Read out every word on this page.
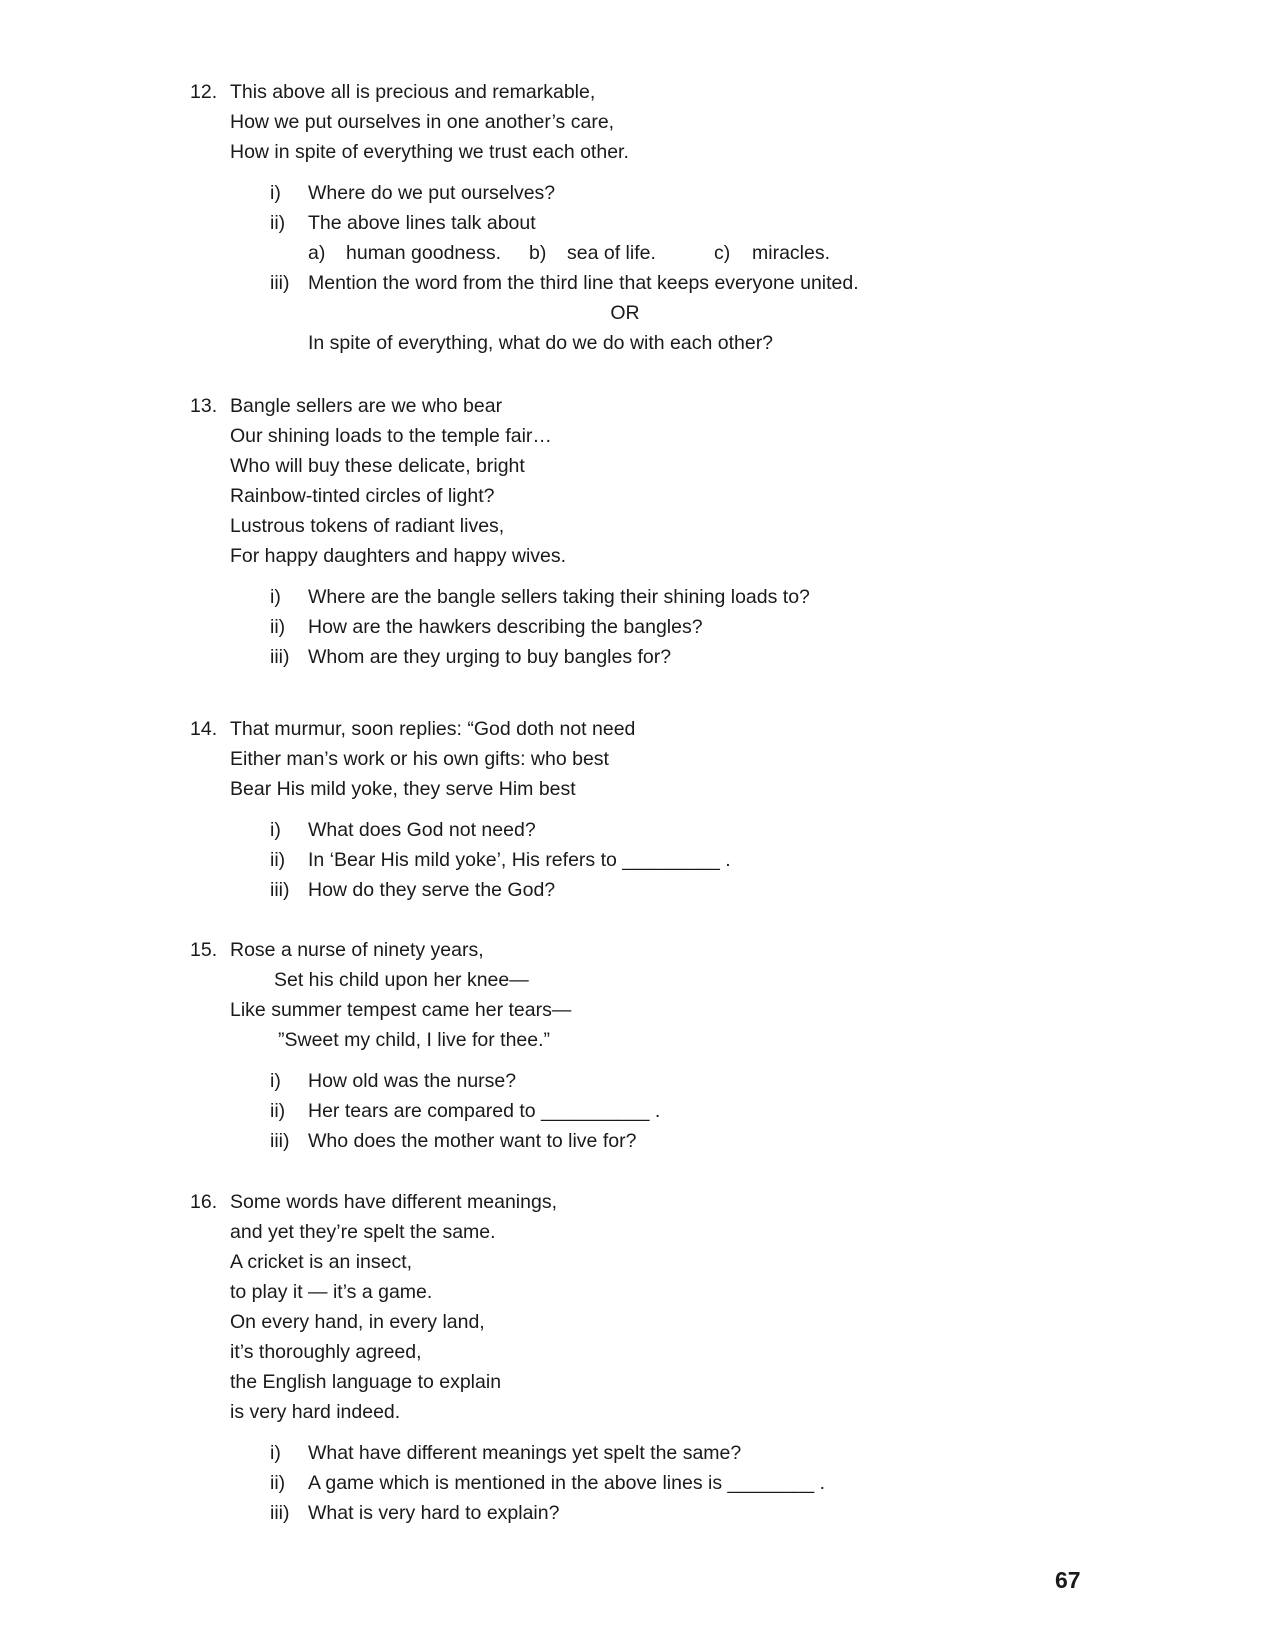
12. This above all is precious and remarkable,
How we put ourselves in one another’s care,
How in spite of everything we trust each other.
i) Where do we put ourselves?
ii) The above lines talk about
a) human goodness. b) sea of life.	c) miracles.
iii) Mention the word from the third line that keeps everyone united.
OR
In spite of everything, what do we do with each other?
13. Bangle sellers are we who bear
Our shining loads to the temple fair…
Who will buy these delicate, bright
Rainbow-tinted circles of light?
Lustrous tokens of radiant lives,
For happy daughters and happy wives.
i) Where are the bangle sellers taking their shining loads to?
ii) How are the hawkers describing the bangles?
iii) Whom are they urging to buy bangles for?
14. That murmur, soon replies: “God doth not need
Either man’s work or his own gifts: who best
Bear His mild yoke, they serve Him best
i) What does God not need?
ii) In ‘Bear His mild yoke’, His refers to _________ .
iii) How do they serve the God?
15. Rose a nurse of ninety years,
Set his child upon her knee—
Like summer tempest came her tears—
”Sweet my child, I live for thee.”
i) How old was the nurse?
ii) Her tears are compared to __________ .
iii) Who does the mother want to live for?
16. Some words have different meanings,
and yet they’re spelt the same.
A cricket is an insect,
to play it — it’s a game.
On every hand, in every land,
it’s thoroughly agreed,
the English language to explain
is very hard indeed.
i) What have different meanings yet spelt the same?
ii) A game which is mentioned in the above lines is ________ .
iii) What is very hard to explain?
67
